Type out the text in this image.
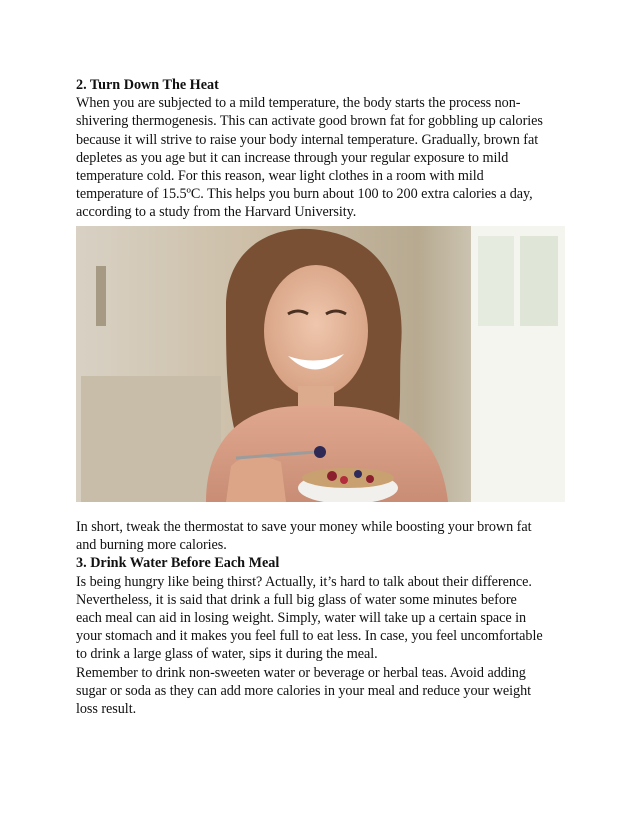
2. Turn Down The Heat

When you are subjected to a mild temperature, the body starts the process non-

shivering thermogenesis. This can activate good brown fat for gobbling up calories

because it will strive to raise your body internal temperature. Gradually, brown fat

depletes as you age but it can increase through your regular exposure to mild

temperature cold. For this reason, wear light clothes in a room with mild

temperature of 15.5ºC. This helps you burn about 100 to 200 extra calories a day,

according to a study from the Harvard University.

In short, tweak the thermostat to save your money while boosting your brown fat

and burning more calories.

3. Drink Water Before Each Meal

Is being hungry like being thirst? Actually, it’s hard to talk about their difference.

Nevertheless, it is said that drink a full big glass of water some minutes before

each meal can aid in losing weight. Simply, water will take up a certain space in

your stomach and it makes you feel full to eat less. In case, you feel uncomfortable

to drink a large glass of water, sips it during the meal.

Remember to drink non-sweeten water or beverage or herbal teas. Avoid adding

sugar or soda as they can add more calories in your meal and reduce your weight

loss result.
